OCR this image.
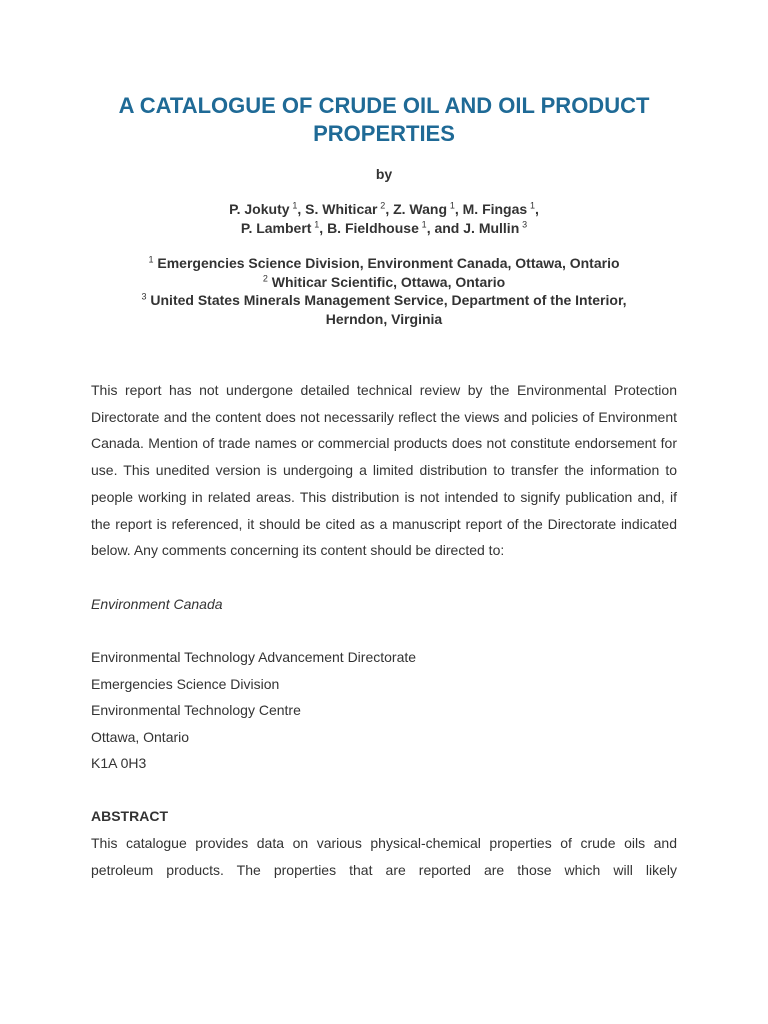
A CATALOGUE OF CRUDE OIL AND OIL PRODUCT PROPERTIES
by
P. Jokuty  $^1$, S. Whiticar  $^2$, Z. Wang  $^1$, M. Fingas  $^1$,
P. Lambert  $^1$, B. Fieldhouse  $^1$, and J. Mullin  $^3$
$^1$ Emergencies Science Division, Environment Canada, Ottawa, Ontario
$^2$ Whiticar Scientific, Ottawa, Ontario
$^3$ United States Minerals Management Service, Department of the Interior,
Herndon, Virginia

This report has not undergone detailed technical review by the Environmental Protection Directorate and the content does not necessarily reflect the views and policies of Environment Canada. Mention of trade names or commercial products does not constitute endorsement for use. This unedited version is undergoing a limited distribution to transfer the information to people working in related areas. This distribution is not intended to signify publication and, if the report is referenced, it should be cited as a manuscript report of the Directorate indicated below. Any comments concerning its content should be directed to:

Environment Canada
Environmental Technology Advancement Directorate
Emergencies Science Division
Environmental Technology Centre
Ottawa, Ontario
K1A 0H3
ABSTRACT

This catalogue provides data on various physical-chemical properties of crude oils and
petroleum products. The properties that are reported are those which will likely
